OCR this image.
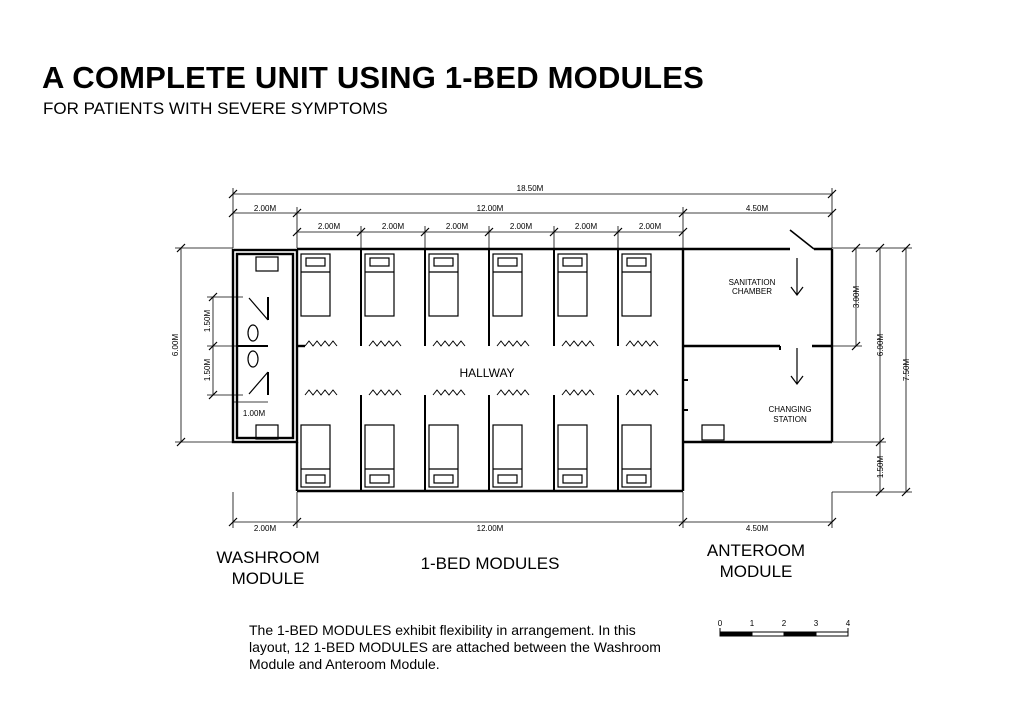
A COMPLETE UNIT USING 1-BED MODULES
FOR PATIENTS WITH SEVERE SYMPTOMS
18.50M
2.00M	12.00M	4.50M
2.00M	2.00M	2.00M	2.00M	2.00M	2.00M
2.00M	12.00M	4.50M
1.00M
6.00M
1.50M
1.50M
3.00M
6.00M
7.50M
1.50M
SANITATION
CHAMBER
CHANGING
STATION
0	1	2	3	4
HALLWAY
WASHROOM
MODULE
1-BED MODULES
ANTEROOM
MODULE
The 1-BED MODULES exhibit flexibility in arrangement. In this layout, 12 1-BED MODULES are attached between the Washroom Module and Anteroom Module.
